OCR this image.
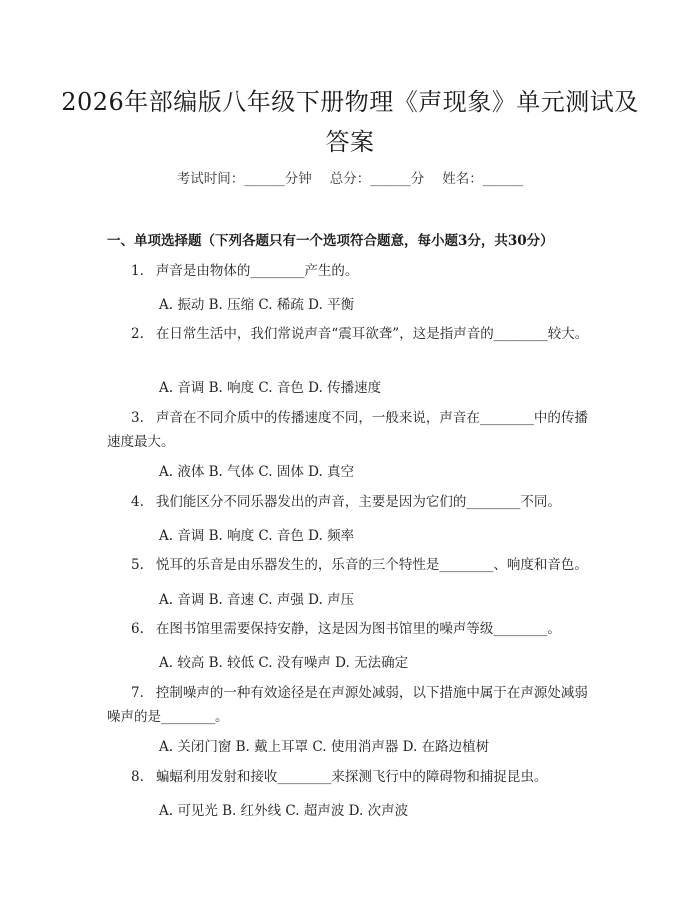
2026年部编版八年级下册物理《声现象》单元测试及答案
考试时间：______分钟 总分：______分 姓名：______
一、单项选择题（下列各题只有一个选项符合题意，每小题3分，共30分）
1. 声音是由物体的________产生的。
A. 振动 B. 压缩 C. 稀疏 D. 平衡
2. 在日常生活中，我们常说声音“震耳欲聋”，这是指声音的________较大。
A. 音调 B. 响度 C. 音色 D. 传播速度
3. 声音在不同介质中的传播速度不同，一般来说，声音在________中的传播速度最大。
A. 液体 B. 气体 C. 固体 D. 真空
4. 我们能区分不同乐器发出的声音，主要是因为它们的________不同。
A. 音调 B. 响度 C. 音色 D. 频率
5. 悦耳的乐音是由乐器发生的，乐音的三个特性是________、响度和音色。
A. 音调 B. 音速 C. 声强 D. 声压
6. 在图书馆里需要保持安静，这是因为图书馆里的噪声等级________。
A. 较高 B. 较低 C. 没有噪声 D. 无法确定
7. 控制噪声的一种有效途径是在声源处减弱，以下措施中属于在声源处减弱噪声的是________。
A. 关闭门窗 B. 戴上耳罩 C. 使用消声器 D. 在路边植树
8. 蝙蝠利用发射和接收________来探测飞行中的障碍物和捕捉昆虫。
A. 可见光 B. 红外线 C. 超声波 D. 次声波
